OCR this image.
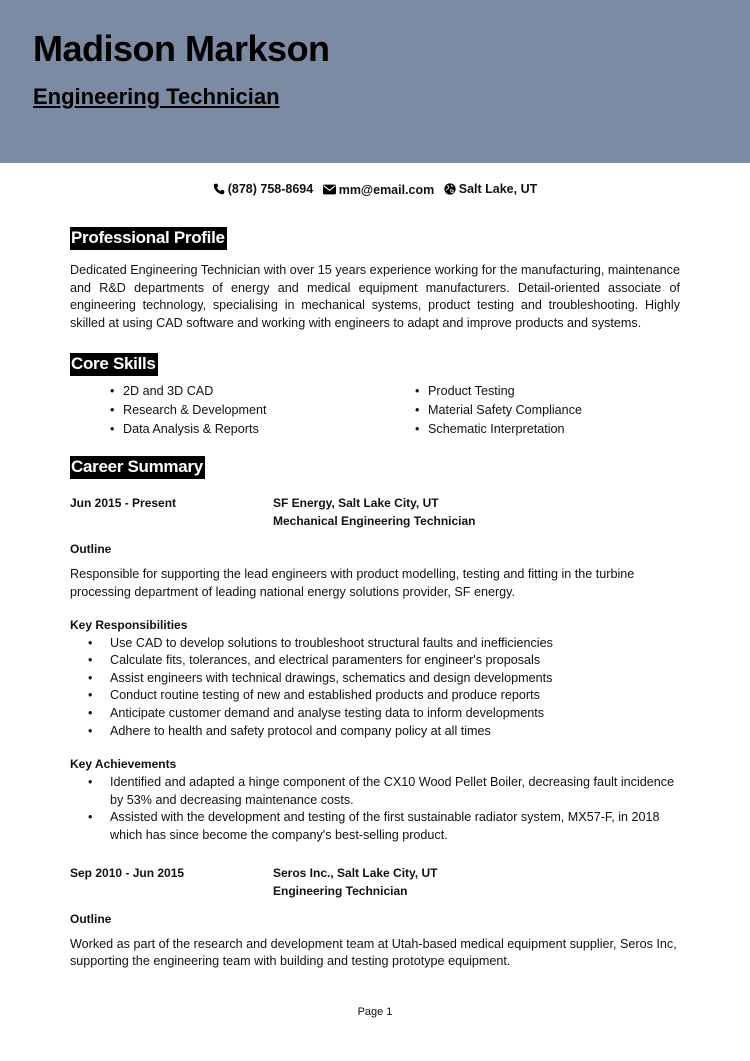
Madison Markson
Engineering Technician
(878) 758-8694
mm@email.com
Salt Lake, UT
Professional Profile

Dedicated Engineering Technician with over 15 years experience working for the manufacturing, maintenance and R&D departments of energy and medical equipment manufacturers. Detail-oriented associate of engineering technology, specialising in mechanical systems, product testing and troubleshooting. Highly skilled at using CAD software and working with engineers to adapt and improve products and systems.

Core Skills
• 2D and 3D CAD
• Research & Development
• Data Analysis & Reports
• Product Testing
• Material Safety Compliance
• Schematic Interpretation
Career Summary
Jun 2015 - Present	SF Energy, Salt Lake City, UT
Mechanical Engineering Technician

Outline

Responsible for supporting the lead engineers with product modelling, testing and fitting in the turbine processing department of leading national energy solutions provider, SF energy.

Key Responsibilities

• Use CAD to develop solutions to troubleshoot structural faults and inefficiencies
• Calculate fits, tolerances, and electrical paramenters for engineer's proposals
• Assist engineers with technical drawings, schematics and design developments
• Conduct routine testing of new and established products and produce reports
• Anticipate customer demand and analyse testing data to inform developments
• Adhere to health and safety protocol and company policy at all times

Key Achievements

• Identified and adapted a hinge component of the CX10 Wood Pellet Boiler, decreasing fault incidence by 53% and decreasing maintenance costs.
• Assisted with the development and testing of the first sustainable radiator system, MX57-F, in 2018 which has since become the company's best-selling product.
Sep 2010 - Jun 2015	Seros Inc., Salt Lake City, UT
Engineering Technician

Outline

Worked as part of the research and development team at Utah-based medical equipment supplier, Seros Inc, supporting the engineering team with building and testing prototype equipment.

Page 1
